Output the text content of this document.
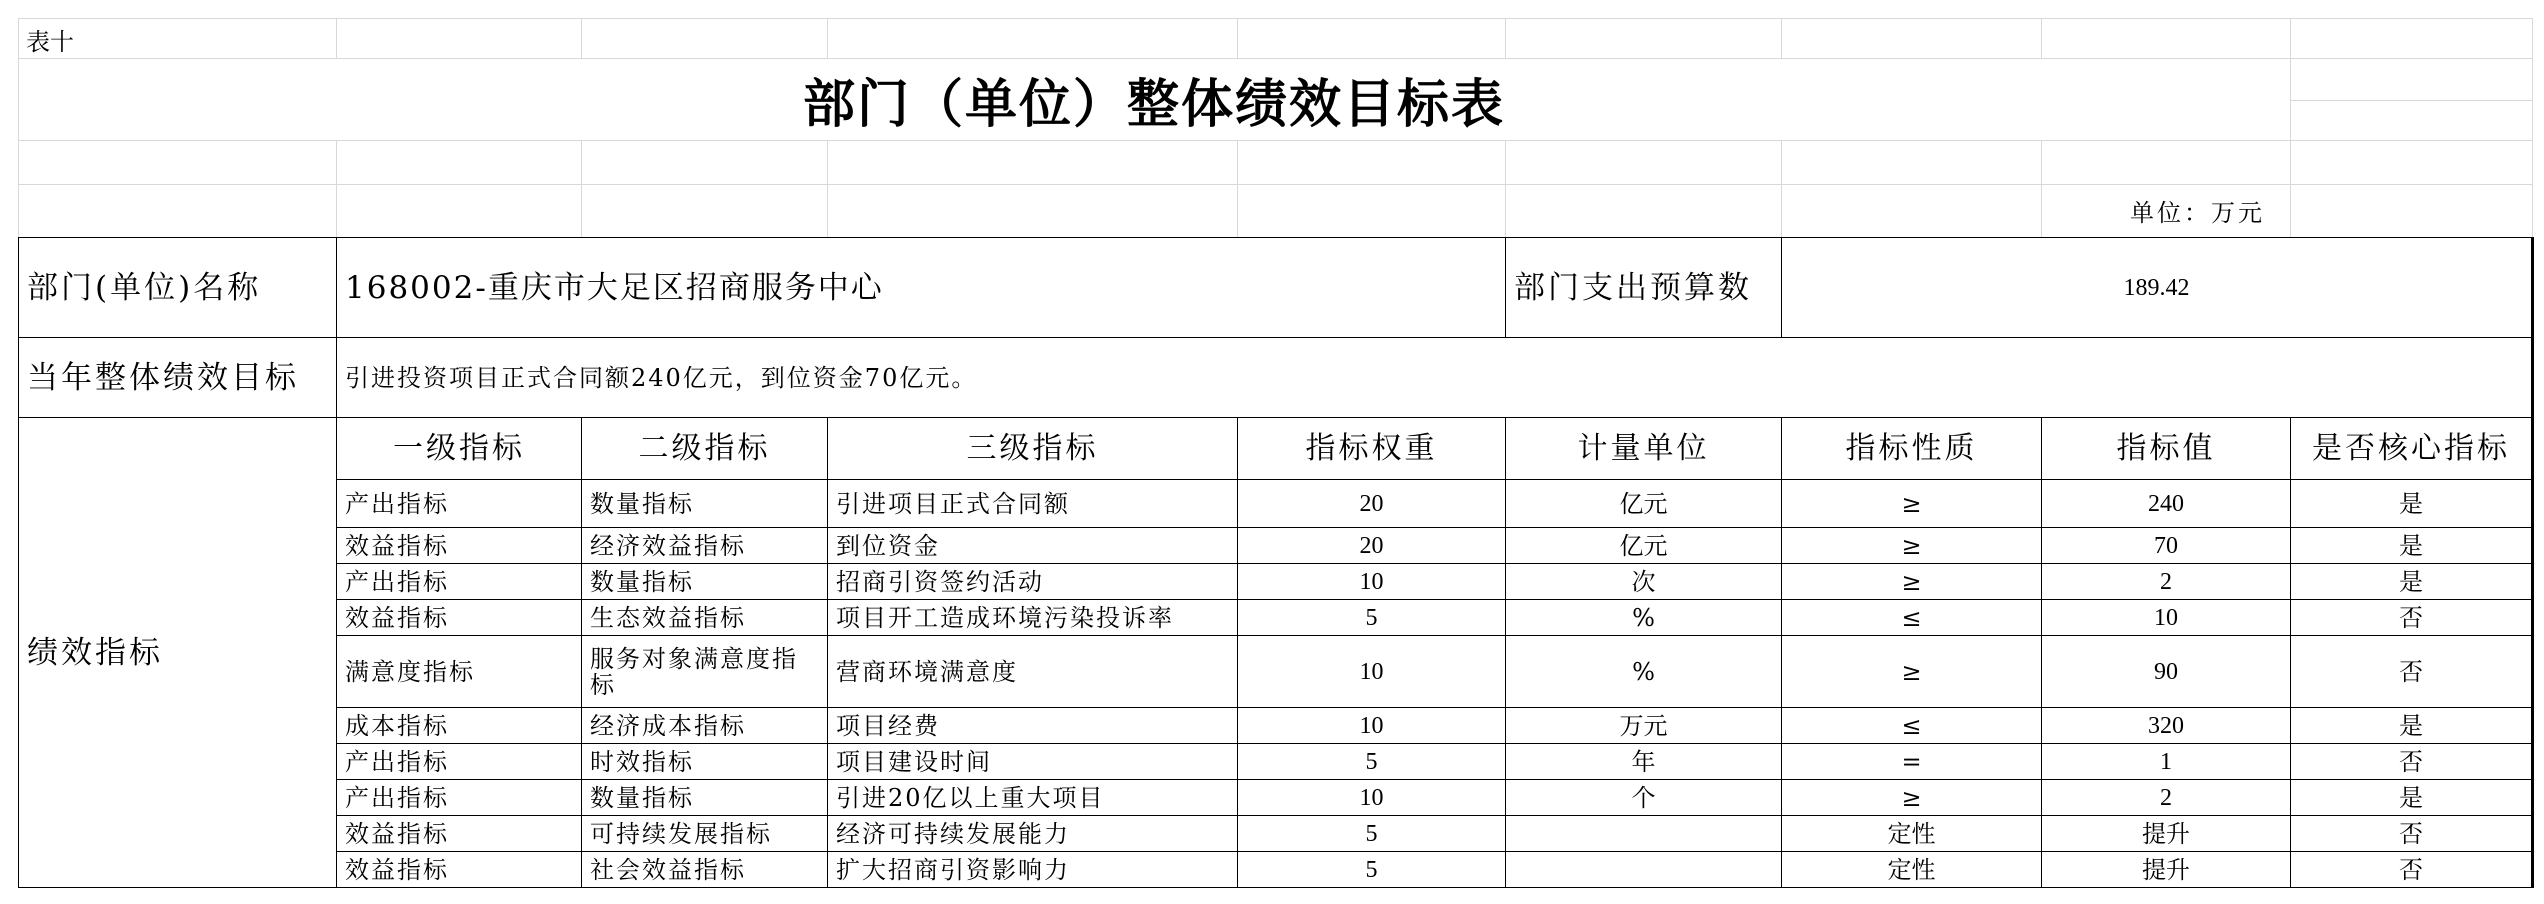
表十
部门（单位）整体绩效目标表
单位：万元
部门(单位)名称	168002-重庆市大足区招商服务中心				部门支出预算数	189.42		
当年整体绩效目标	引进投资项目正式合同额240亿元，到位资金70亿元。							
绩效指标	一级指标	二级指标	三级指标	指标权重	计量单位	指标性质	指标值	是否核心指标
	产出指标	数量指标	引进项目正式合同额	20	亿元	≥	240	是
	效益指标	经济效益指标	到位资金	20	亿元	≥	70	是
	产出指标	数量指标	招商引资签约活动	10	次	≥	2	是
	效益指标	生态效益指标	项目开工造成环境污染投诉率	5	%	≤	10	否
	满意度指标	服务对象满意度指标	营商环境满意度	10	%	≥	90	否
	成本指标	经济成本指标	项目经费	10	万元	≤	320	是
	产出指标	时效指标	项目建设时间	5	年	=	1	否
	产出指标	数量指标	引进20亿以上重大项目	10	个	≥	2	是
	效益指标	可持续发展指标	经济可持续发展能力	5		定性	提升	否
	效益指标	社会效益指标	扩大招商引资影响力	5		定性	提升	否
